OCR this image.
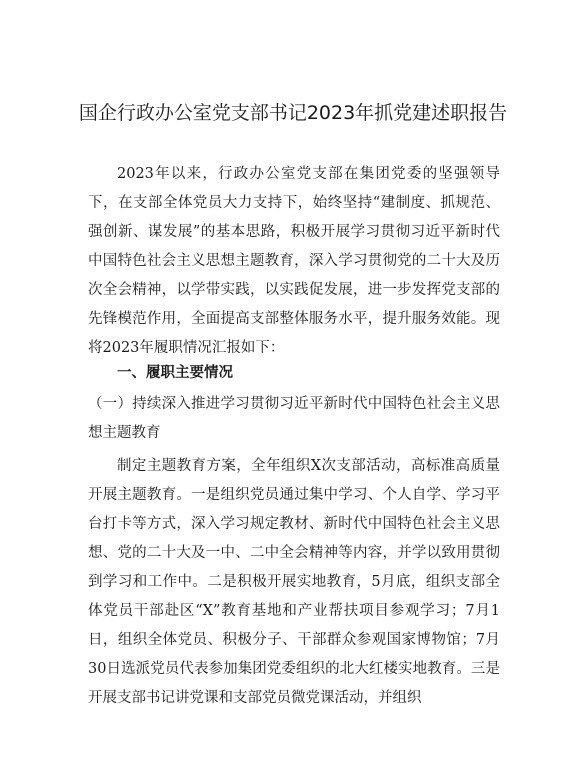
国企行政办公室党支部书记2023年抓党建述职报告

2023年以来，行政办公室党支部在集团党委的坚强领导下，在支部全体党员大力支持下，始终坚持“建制度、抓规范、强创新、谋发展”的基本思路，积极开展学习贯彻习近平新时代中国特色社会主义思想主题教育，深入学习贯彻党的二十大及历次全会精神，以学带实践，以实践促发展，进一步发挥党支部的先锋模范作用，全面提高支部整体服务水平，提升服务效能。现将2023年履职情况汇报如下：

一、履职主要情况

（一）持续深入推进学习贯彻习近平新时代中国特色社会主义思想主题教育

制定主题教育方案，全年组织X次支部活动，高标准高质量开展主题教育。一是组织党员通过集中学习、个人自学、学习平台打卡等方式，深入学习规定教材、新时代中国特色社会主义思想、党的二十大及一中、二中全会精神等内容，并学以致用贯彻到学习和工作中。二是积极开展实地教育，5月底，组织支部全体党员干部赴区“X”教育基地和产业帮扶项目参观学习；7月1日，组织全体党员、积极分子、干部群众参观国家博物馆；7月30日选派党员代表参加集团党委组织的北大红楼实地教育。三是开展支部书记讲党课和支部党员微党课活动，并组织
